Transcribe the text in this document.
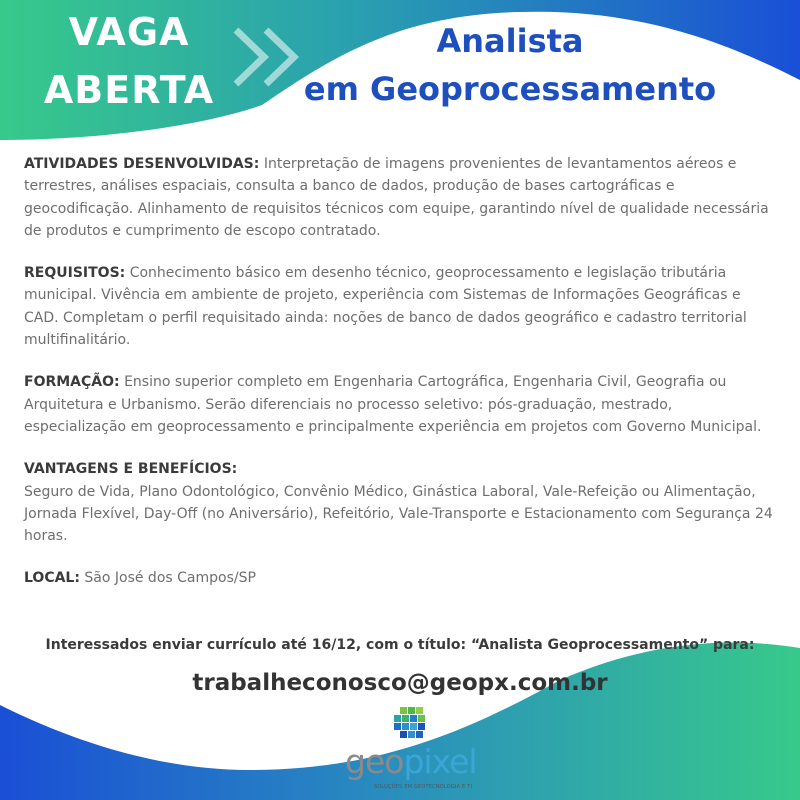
VAGA
ABERTA
Analista
em Geoprocessamento

ATIVIDADES DESENVOLVIDAS: Interpretação de imagens provenientes de levantamentos aéreos e terrestres, análises espaciais, consulta a banco de dados, produção de bases cartográficas e geocodificação. Alinhamento de requisitos técnicos com equipe, garantindo nível de qualidade necessária de produtos e cumprimento de escopo contratado.

REQUISITOS: Conhecimento básico em desenho técnico, geoprocessamento e legislação tributária municipal. Vivência em ambiente de projeto, experiência com Sistemas de Informações Geográficas e CAD. Completam o perfil requisitado ainda: noções de banco de dados geográfico e cadastro territorial multifinalitário.

FORMAÇÃO: Ensino superior completo em Engenharia Cartográfica, Engenharia Civil, Geografia ou Arquitetura e Urbanismo. Serão diferenciais no processo seletivo: pós-graduação, mestrado, especialização em geoprocessamento e principalmente experiência em projetos com Governo Municipal.

VANTAGENS E BENEFÍCIOS:
Seguro de Vida, Plano Odontológico, Convênio Médico, Ginástica Laboral, Vale-Refeição ou Alimentação, Jornada Flexível, Day-Off (no Aniversário), Refeitório, Vale-Transporte e Estacionamento com Segurança 24 horas.

LOCAL: São José dos Campos/SP

Interessados enviar currículo até 16/12, com o título: “Analista Geoprocessamento” para:
trabalheconosco@geopx.com.br
geopixel
SOLUÇÕES EM GEOTECNOLOGIA E TI
